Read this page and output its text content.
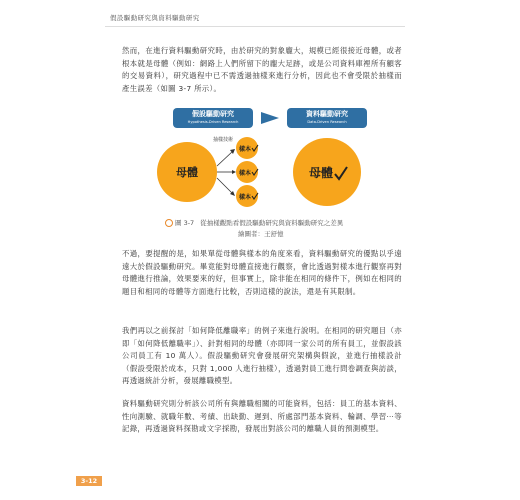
假設驅動研究與資料驅動研究

然而，在進行資料驅動研究時，由於研究的對象龐大，規模已經很接近母體，或者根本就是母體（例如：網路上人們所留下的龐大足跡，或是公司資料庫裡所有顧客的交易資料），研究過程中已不需透過抽樣來進行分析，因此也不會受限於抽樣而產生誤差（如圖 3-7 所示）。

假設驅動研究
Hypothesis-Driven Research
資料驅動研究
Data-Driven Research
母體
抽樣技術
樣本
樣本
樣本
母體
圖 3-7 從抽樣觀點看假設驅動研究與資料驅動研究之差異
繪圖者：王舒憶

不過，要提醒的是，如果單從母體與樣本的角度來看，資料驅動研究的優點以乎遠遠大於假設驅動研究。畢竟能對母體直接進行觀察，會比透過對樣本進行觀察再對母體進行推論，效果要來的好，但事實上，除非能在相同的條件下，例如在相同的題目和相同的母體等方面進行比較，否則這樣的說法，還是有其限制。

我們再以之前探討「如何降低離職率」的例子來進行說明。在相同的研究題目（亦即「如何降低離職率」）、針對相同的母體（亦即同一家公司的所有員工，並假設該公司員工有 10 萬人）。假設驅動研究會發展研究架構與假說，並進行抽樣設計（假設受限於成本，只對 1,000 人進行抽樣），透過對員工進行問卷調查與訪談，再透過統計分析，發展離職模型。

資料驅動研究則分析該公司所有與離職相關的可能資料，包括：員工的基本資料、性向測驗、就職年數、考績、出缺勤、遲到、所處部門基本資料、輪調、學習⋯等記錄，再透過資料探勘或文字採勘，發展出對該公司的離職人員的預測模型。

3-12
